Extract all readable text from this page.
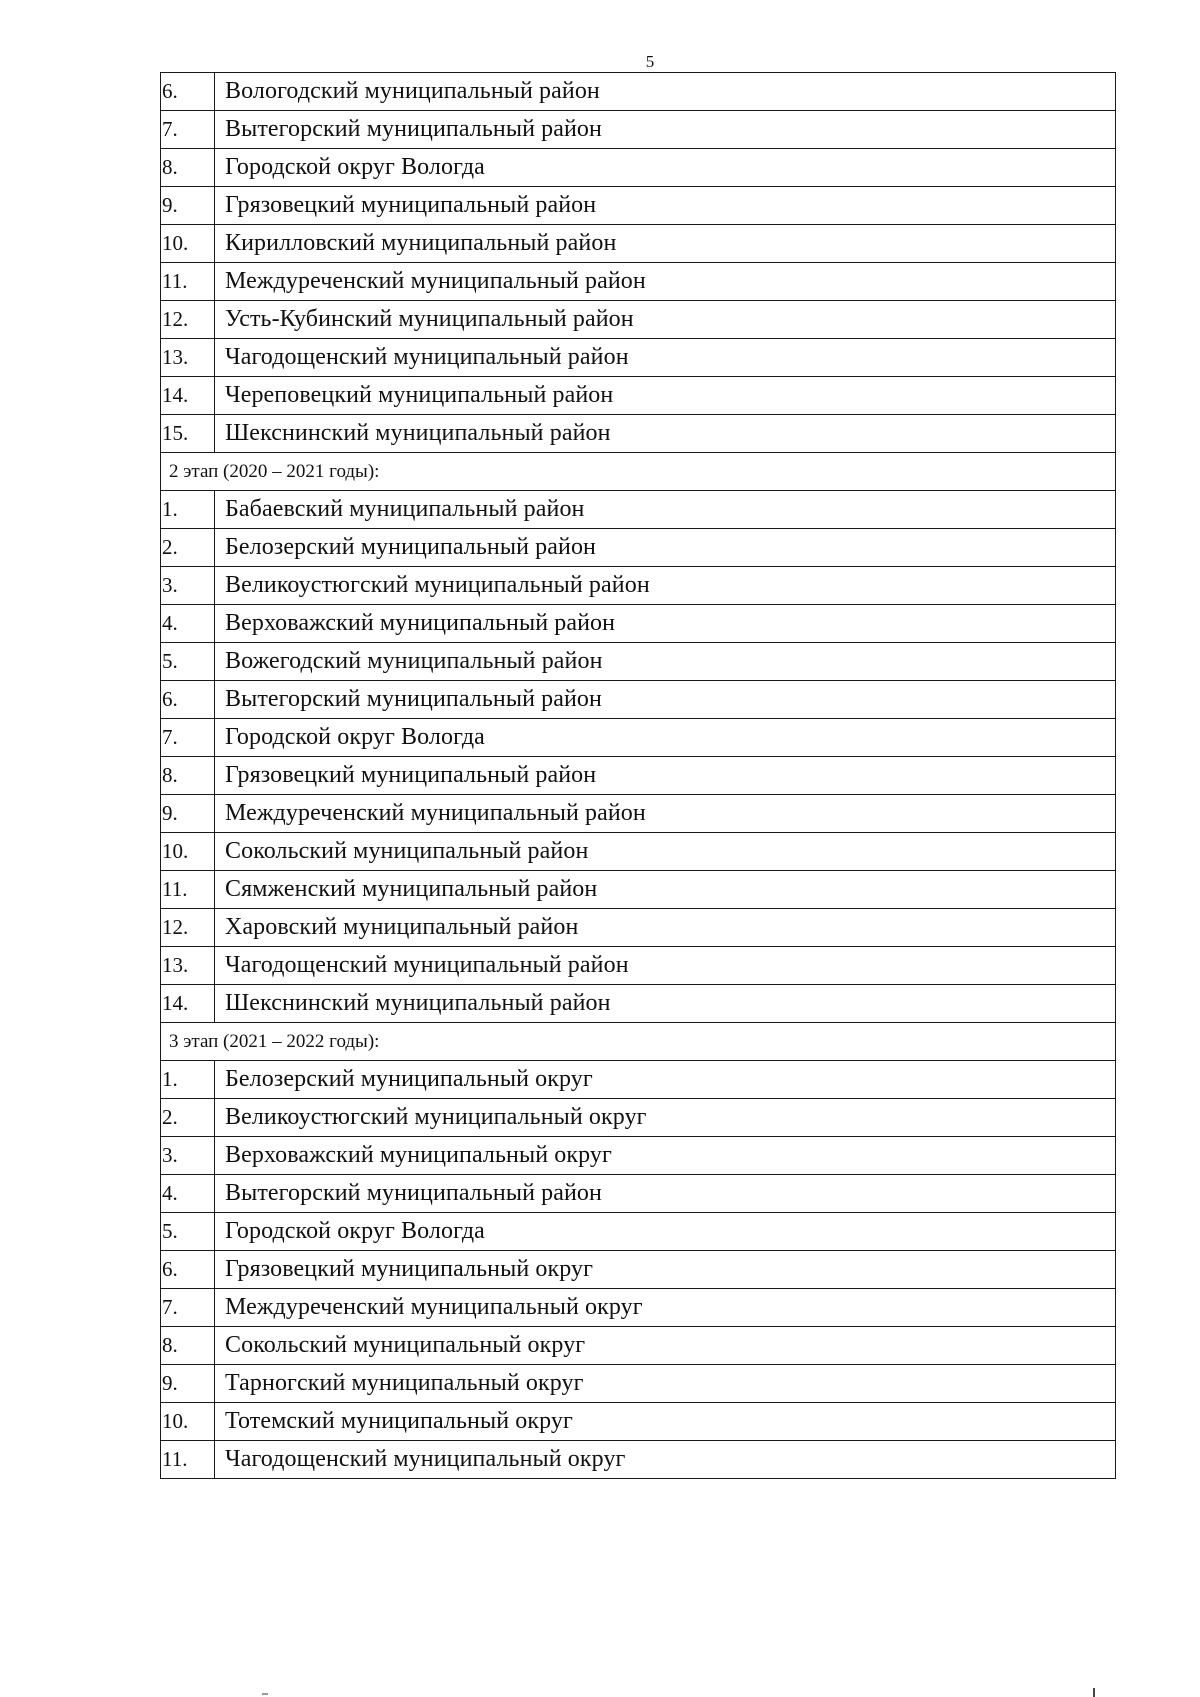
5
6.	Вологодский муниципальный район
7.	Вытегорский муниципальный район
8.	Городской округ Вологда
9.	Грязовецкий муниципальный район
10.	Кирилловский муниципальный район
11.	Междуреченский муниципальный район
12.	Усть-Кубинский муниципальный район
13.	Чагодощенский муниципальный район
14.	Череповецкий муниципальный район
15.	Шекснинский муниципальный район
2 этап (2020 – 2021 годы):	
1.	Бабаевский муниципальный район
2.	Белозерский муниципальный район
3.	Великоустюгский муниципальный район
4.	Верховажский муниципальный район
5.	Вожегодский муниципальный район
6.	Вытегорский муниципальный район
7.	Городской округ Вологда
8.	Грязовецкий муниципальный район
9.	Междуреченский муниципальный район
10.	Сокольский муниципальный район
11.	Сямженский муниципальный район
12.	Харовский муниципальный район
13.	Чагодощенский муниципальный район
14.	Шекснинский муниципальный район
3 этап (2021 – 2022 годы):	
1.	Белозерский муниципальный округ
2.	Великоустюгский муниципальный округ
3.	Верховажский муниципальный округ
4.	Вытегорский муниципальный район
5.	Городской округ Вологда
6.	Грязовецкий муниципальный округ
7.	Междуреченский муниципальный округ
8.	Сокольский муниципальный округ
9.	Тарногский муниципальный округ
10.	Тотемский муниципальный округ
11.	Чагодощенский муниципальный округ
